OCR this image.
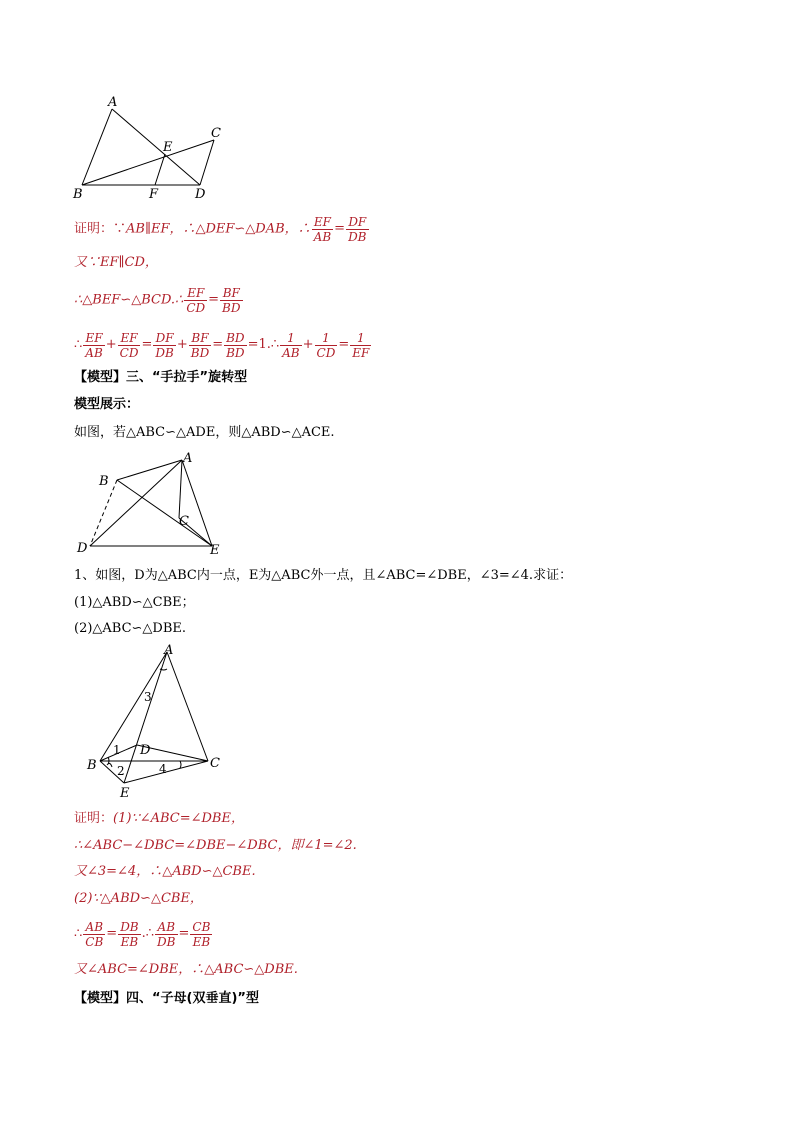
A
B
C
D
E
F
证明：∵AB∥EF，∴△DEF∽△DAB，∴ $\frac{EF}{AB} = \frac{DF}{DB}$
又∵EF∥CD，
∴△BEF∽△BCD.∴ $\frac{EF}{CD} = \frac{BF}{BD}$
∴ $\frac{EF}{AB} + \frac{EF}{CD} = \frac{DF}{DB} + \frac{BF}{BD} = \frac{BD}{BD}$ =1.∴ $\frac{1}{AB} + \frac{1}{CD} = \frac{1}{EF}$
【模型】三、“手拉手”旋转型
模型展示：
如图，若△ABC∽△ADE，则△ABD∽△ACE.
A
B
C
D	E
1、如图，D为△ABC内一点，E为△ABC外一点，且∠ABC=∠DBE，∠3=∠4.求证：
(1)△ABD∽△CBE；
(2)△ABC∽△DBE.
A
B	C
D
E
1
2
3
4
证明：(1)∵∠ABC=∠DBE，
∴∠ABC−∠DBC=∠DBE−∠DBC，即∠1=∠2.
又∠3=∠4，∴△ABD∽△CBE.
(2)∵△ABD∽△CBE，
∴ $\frac{AB}{CB} = \frac{DB}{EB}$ .∴ $\frac{AB}{DB} = \frac{CB}{EB}$
又∠ABC=∠DBE，∴△ABC∽△DBE.
【模型】四、“子母(双垂直)”型
